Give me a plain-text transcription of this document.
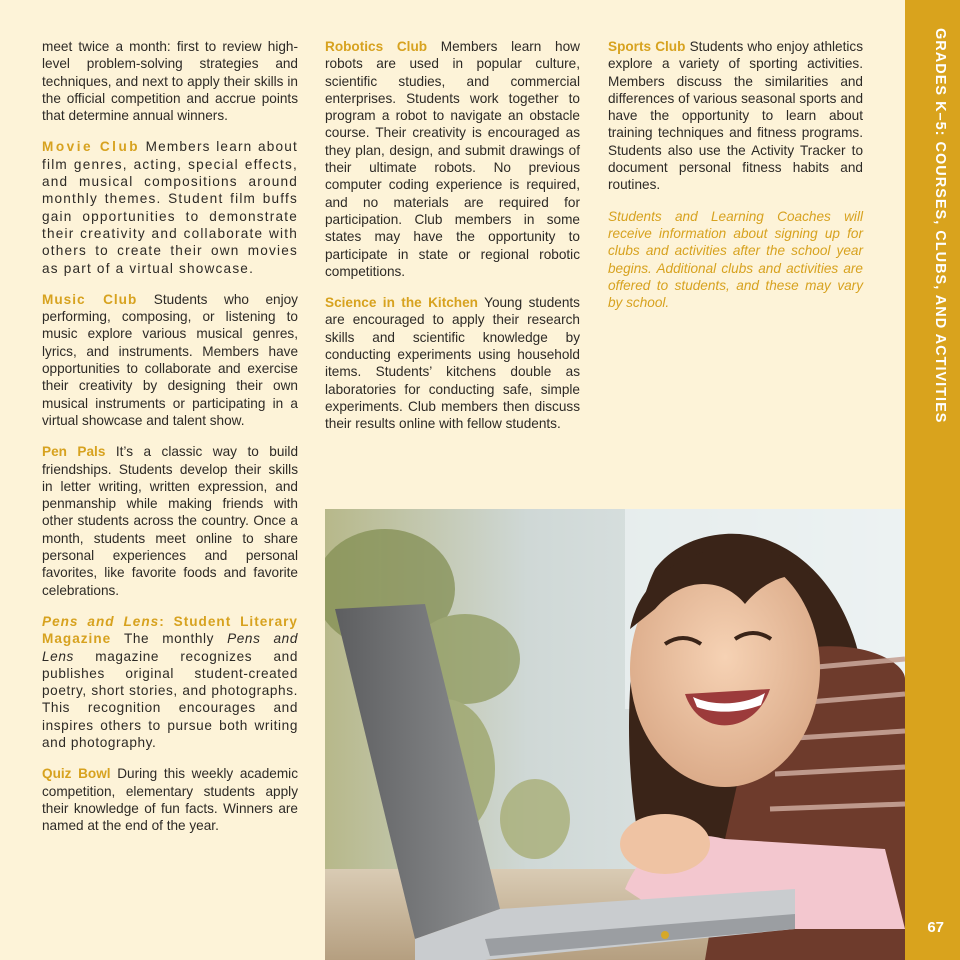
meet twice a month: first to review high-level problem-solving strategies and techniques, and next to apply their skills in the official competition and accrue points that determine annual winners.

Movie Club Members learn about film genres, acting, special effects, and musical compositions around monthly themes. Student film buffs gain opportunities to demonstrate their creativity and collaborate with others to create their own movies as part of a virtual showcase.

Music Club Students who enjoy performing, composing, or listening to music explore various musical genres, lyrics, and instruments. Members have opportunities to collaborate and exercise their creativity by designing their own musical instruments or participating in a virtual showcase and talent show.

Pen Pals It’s a classic way to build friendships. Students develop their skills in letter writing, written expression, and penmanship while making friends with other students across the country. Once a month, students meet online to share personal experiences and personal favorites, like favorite foods and favorite celebrations.

Pens and Lens: Student Literary Magazine The monthly Pens and Lens magazine recognizes and publishes original student-created poetry, short stories, and photographs. This recognition encourages and inspires others to pursue both writing and photography.

Quiz Bowl During this weekly academic competition, elementary students apply their knowledge of fun facts. Winners are named at the end of the year.

Robotics Club Members learn how robots are used in popular culture, scientific studies, and commercial enterprises. Students work together to program a robot to navigate an obstacle course. Their creativity is encouraged as they plan, design, and submit drawings of their ultimate robots. No previous computer coding experience is required, and no materials are required for participation. Club members in some states may have the opportunity to participate in state or regional robotic competitions.

Science in the Kitchen Young students are encouraged to apply their research skills and scientific knowledge by conducting experiments using household items. Students’ kitchens double as laboratories for conducting safe, simple experiments. Club members then discuss their results online with fellow students.

Sports Club Students who enjoy athletics explore a variety of sporting activities. Members discuss the similarities and differences of various seasonal sports and have the opportunity to learn about training techniques and fitness programs. Students also use the Activity Tracker to document personal fitness habits and routines.

Students and Learning Coaches will receive information about signing up for clubs and activities after the school year begins. Additional clubs and activities are offered to students, and these may vary by school.	GRADES K–5: COURSES, CLUBS, AND ACTIVITIES
67
